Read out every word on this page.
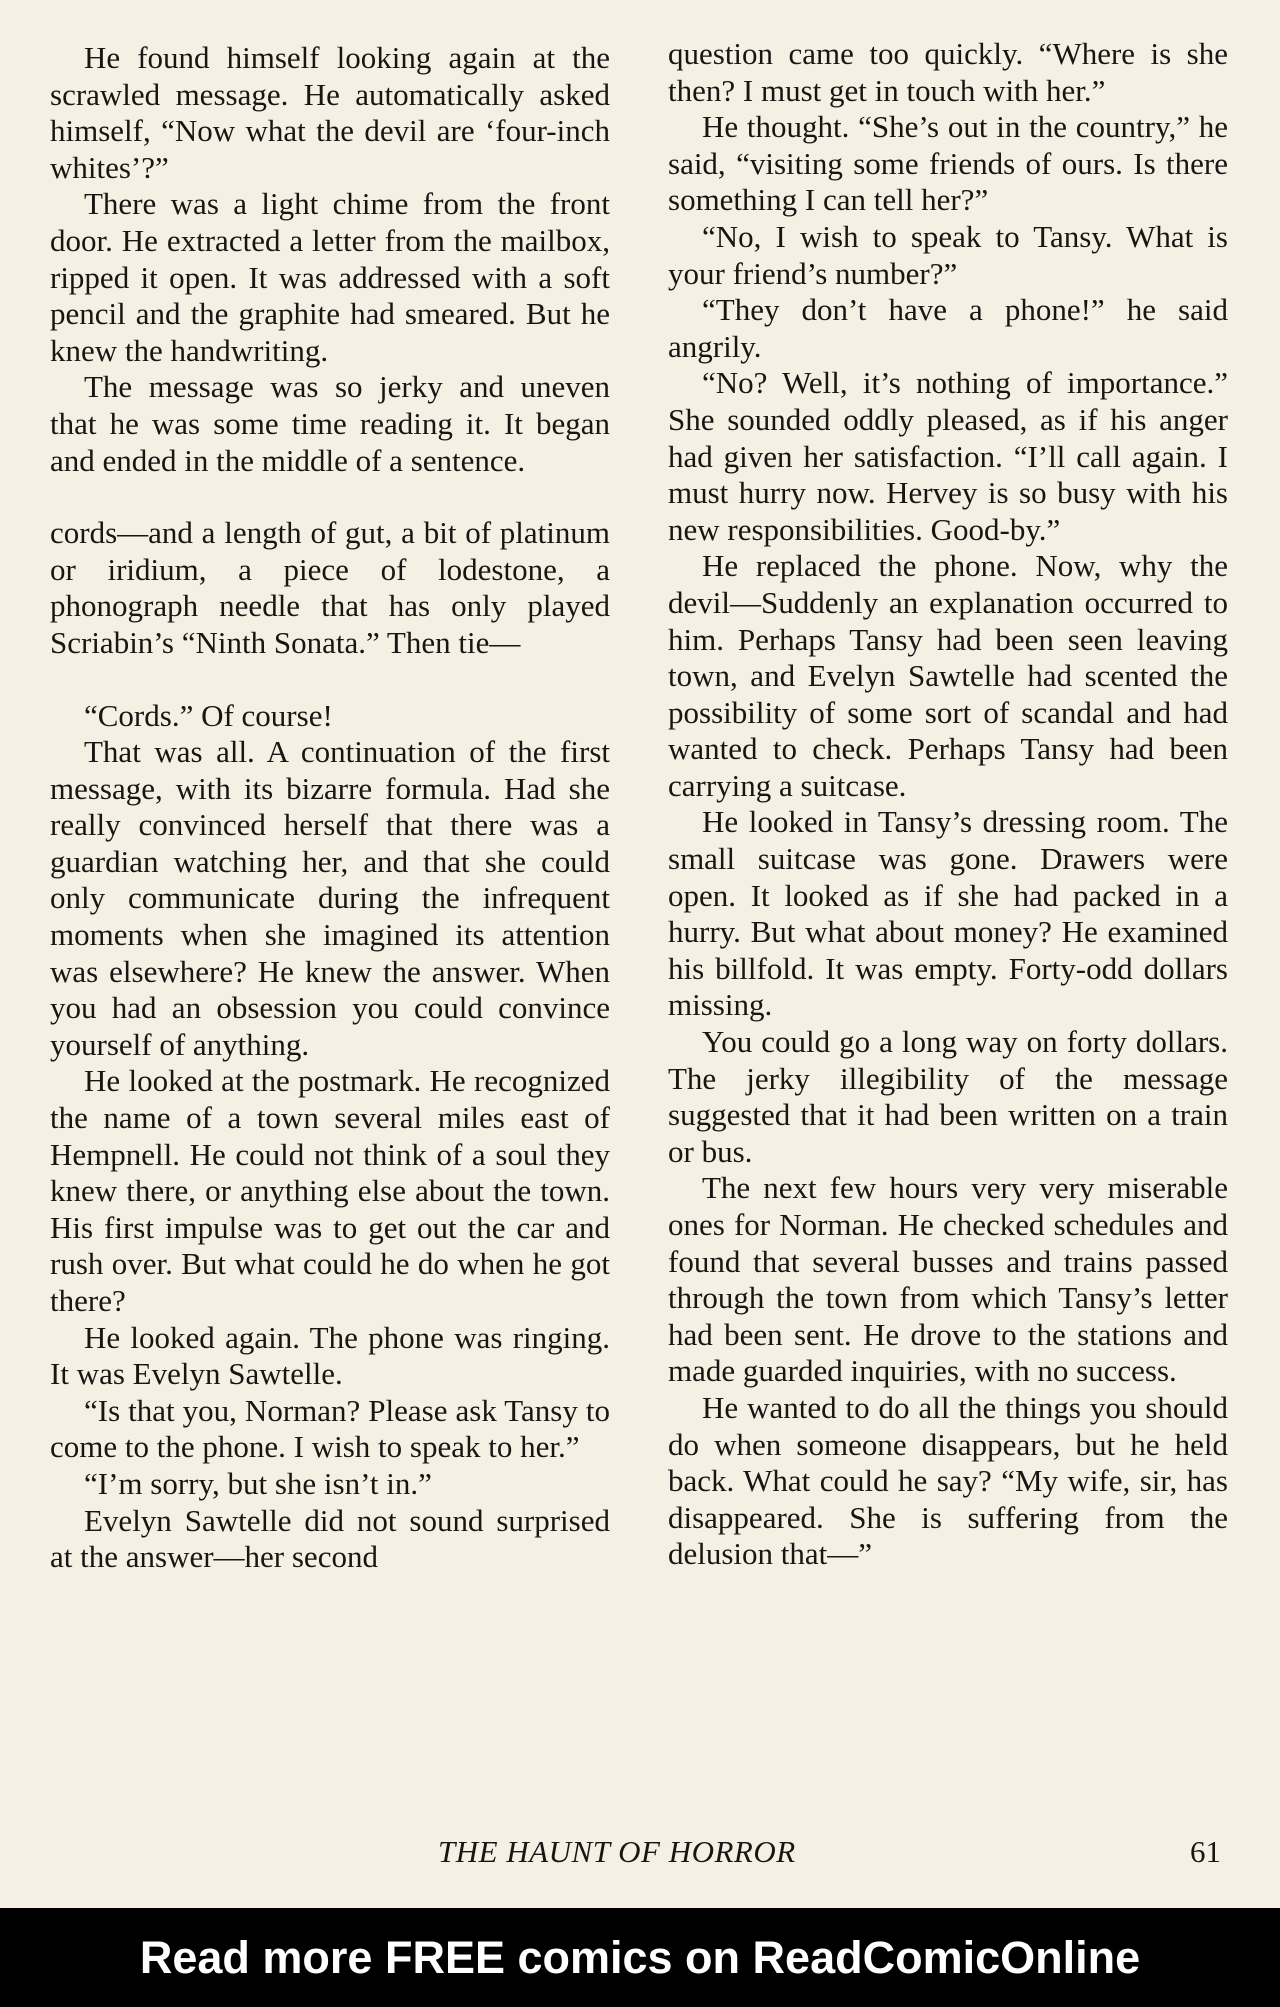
He found himself looking again at the scrawled message. He automatically asked himself, “Now what the devil are ‘four-inch whites’?”

There was a light chime from the front door. He extracted a letter from the mailbox, ripped it open. It was addressed with a soft pencil and the graphite had smeared. But he knew the handwriting.

The message was so jerky and uneven that he was some time reading it. It began and ended in the middle of a sentence.

cords—and a length of gut, a bit of platinum or iridium, a piece of lodestone, a phonograph needle that has only played Scriabin’s “Ninth Sonata.” Then tie—

“Cords.” Of course!

That was all. A continuation of the first message, with its bizarre formula. Had she really convinced herself that there was a guardian watching her, and that she could only communicate during the infrequent moments when she imagined its attention was elsewhere? He knew the answer. When you had an obsession you could convince yourself of anything.

He looked at the postmark. He recognized the name of a town several miles east of Hempnell. He could not think of a soul they knew there, or anything else about the town. His first impulse was to get out the car and rush over. But what could he do when he got there?

He looked again. The phone was ringing. It was Evelyn Sawtelle.

“Is that you, Norman? Please ask Tansy to come to the phone. I wish to speak to her.”

“I’m sorry, but she isn’t in.”

Evelyn Sawtelle did not sound surprised at the answer—her second

question came too quickly. “Where is she then? I must get in touch with her.”

He thought. “She’s out in the country,” he said, “visiting some friends of ours. Is there something I can tell her?”

“No, I wish to speak to Tansy. What is your friend’s number?”

“They don’t have a phone!” he said angrily.

“No? Well, it’s nothing of importance.” She sounded oddly pleased, as if his anger had given her satisfaction. “I’ll call again. I must hurry now. Hervey is so busy with his new responsibilities. Good-by.”

He replaced the phone. Now, why the devil—Suddenly an explanation occurred to him. Perhaps Tansy had been seen leaving town, and Evelyn Sawtelle had scented the possibility of some sort of scandal and had wanted to check. Perhaps Tansy had been carrying a suitcase.

He looked in Tansy’s dressing room. The small suitcase was gone. Drawers were open. It looked as if she had packed in a hurry. But what about money? He examined his billfold. It was empty. Forty-odd dollars missing.

You could go a long way on forty dollars. The jerky illegibility of the message suggested that it had been written on a train or bus.

The next few hours very very miserable ones for Norman. He checked schedules and found that several busses and trains passed through the town from which Tansy’s letter had been sent. He drove to the stations and made guarded inquiries, with no success.

He wanted to do all the things you should do when someone disappears, but he held back. What could he say? “My wife, sir, has disappeared. She is suffering from the delusion that—”

THE HAUNT OF HORROR	61
Read more FREE comics on ReadComicOnline
